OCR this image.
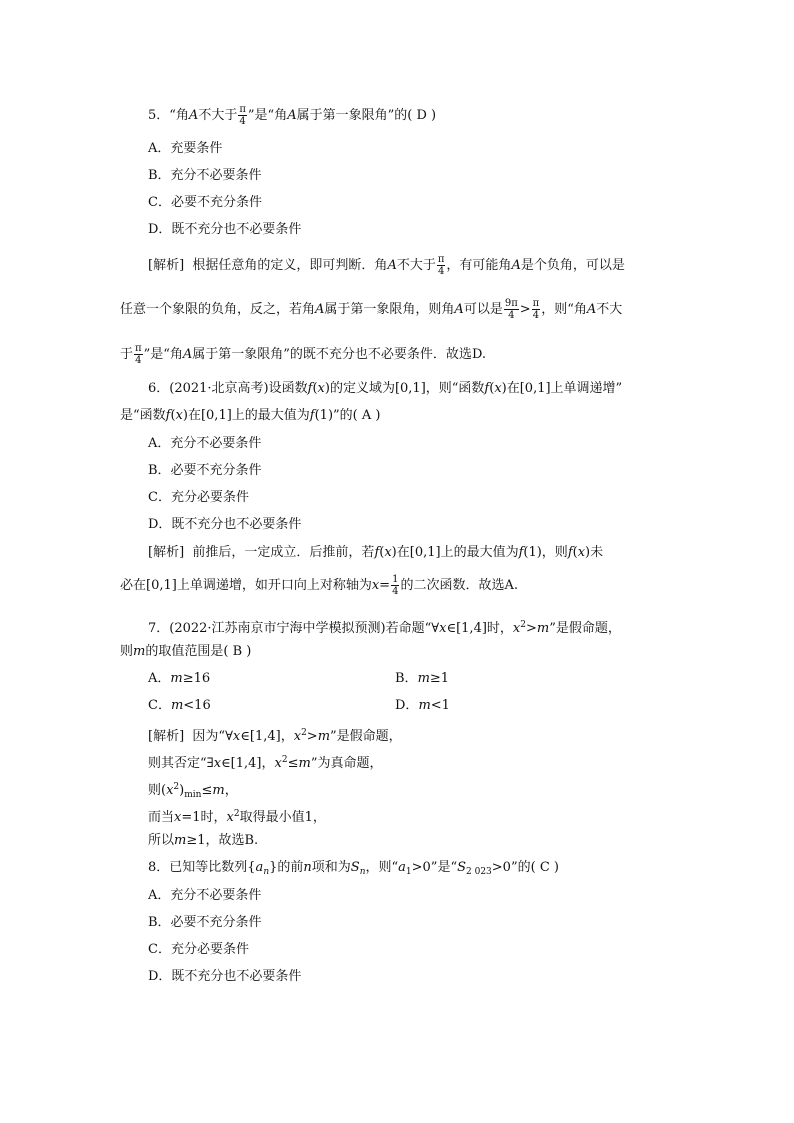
5．“角A不大于 $\frac{\pi}{4}$ ”是“角A属于第一象限角”的( D )
A．充要条件
B．充分不必要条件
C．必要不充分条件
D．既不充分也不必要条件
[解析] 根据任意角的定义，即可判断．角A不大于 $\frac{\pi}{4}$ ，有可能角A是个负角，可以是
任意一个象限的负角，反之，若角A属于第一象限角，则角A可以是 $\frac{9\pi}{4} > \frac{\pi}{4}$ ，则“角A不大
于 $\frac{\pi}{4}$ ”是“角A属于第一象限角”的既不充分也不必要条件．故选D.
6．(2021·北京高考)设函数f(x)的定义域为[0,1]，则“函数f(x)在[0,1]上单调递增”
是“函数f(x)在[0,1]上的最大值为f(1)”的( A )
A．充分不必要条件
B．必要不充分条件
C．充分必要条件
D．既不充分也不必要条件
[解析] 前推后，一定成立．后推前，若f(x)在[0,1]上的最大值为f(1)，则f(x)未
必在[0,1]上单调递增，如开口向上对称轴为$x= \frac{1}{4}$ 的二次函数．故选A.
7．(2022·江苏南京市宁海中学模拟预测)若命题“∀x∈[1,4]时，$x^2>m$”是假命题，
则m的取值范围是( B )
A．m≥16	B．m≥1
C．m<16	D．m<1
[解析] 因为“∀x∈[1,4]，$x^2>m$”是假命题，
则其否定“∃x∈[1,4]，$x^2\le m$”为真命题，
则$(x^2)_{min}\le m$，
而当x=1时，$x^2$取得最小值1，
所以m≥1，故选B.
8．已知等比数列$\{a_n\}$的前n项和为$S_n$，则“$a_1>0$”是“$S_{2 023}>0$”的( C )
A．充分不必要条件
B．必要不充分条件
C．充分必要条件
D．既不充分也不必要条件
